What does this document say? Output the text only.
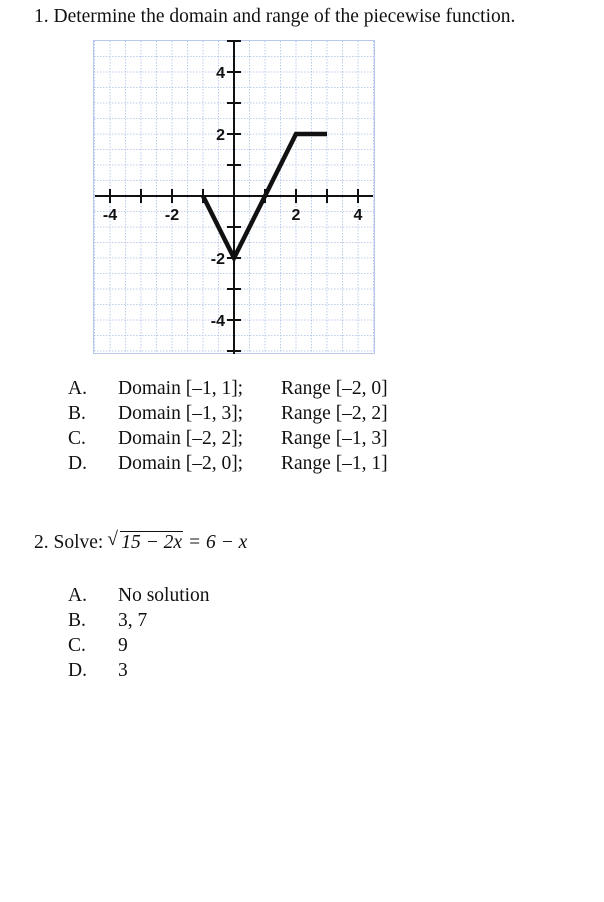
1. Determine the domain and range of the piecewise function.
-4	-2	2	4
4
2
-2
-4
A. Domain [–1, 1]; Range [–2, 0]
B. Domain [–1, 3]; Range [–2, 2]
C. Domain [–2, 2]; Range [–1, 3]
D. Domain [–2, 0]; Range [–1, 1]
2. Solve: √ 15 − 2x = 6 − x
A. No solution
B. 3, 7
C. 9
D. 3
